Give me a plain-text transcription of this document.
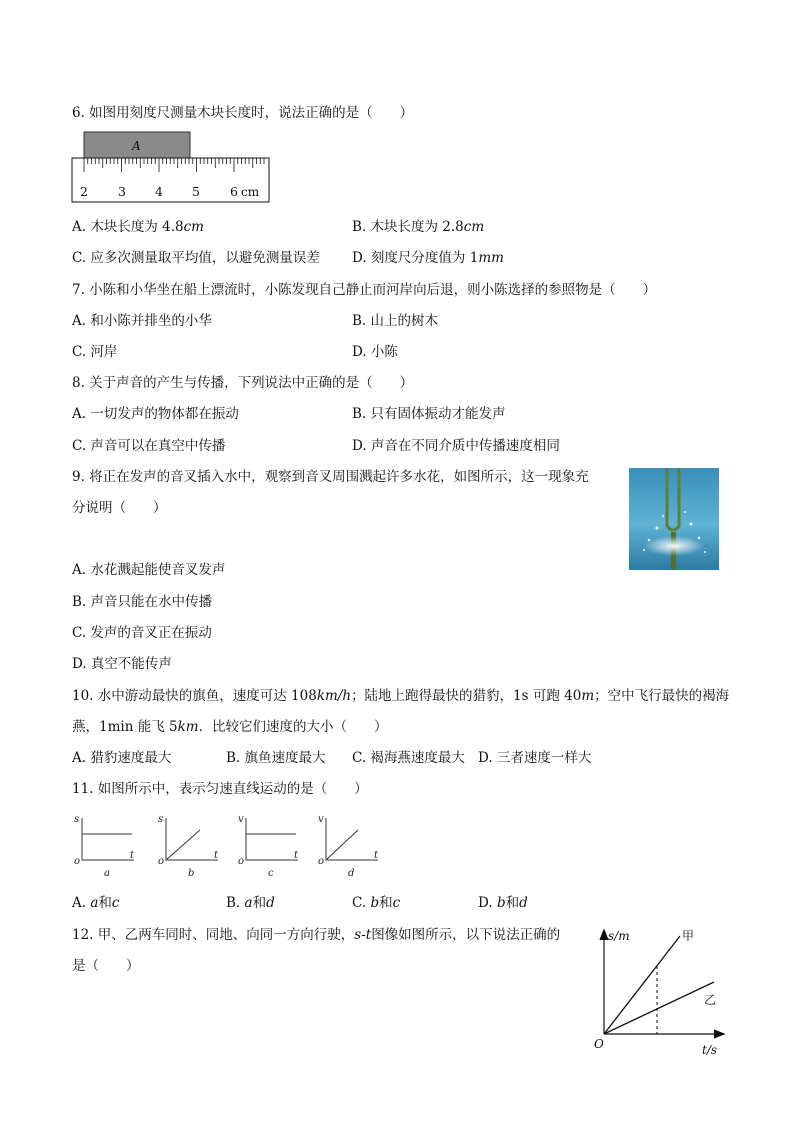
6. 如图用刻度尺测量木块长度时，说法正确的是（　　）
A
2 3 4 5 6 cm
A. 木块长度为 4.8cm	B. 木块长度为 2.8cm
C. 应多次测量取平均值，以避免测量误差 D. 刻度尺分度值为 1mm
7. 小陈和小华坐在船上漂流时，小陈发现自己静止而河岸向后退，则小陈选择的参照物是（　　）
A. 和小陈并排坐的小华	B. 山上的树木
C. 河岸	D. 小陈
8. 关于声音的产生与传播，下列说法中正确的是（　　）
A. 一切发声的物体都在振动	B. 只有固体振动才能发声
C. 声音可以在真空中传播	D. 声音在不同介质中传播速度相同
9. 将正在发声的音叉插入水中，观察到音叉周围溅起许多水花，如图所示，这一现象充
分说明（　　）
A. 水花溅起能使音叉发声
B. 声音只能在水中传播
C. 发声的音叉正在振动
D. 真空不能传声
10. 水中游动最快的旗鱼，速度可达 108km/h；陆地上跑得最快的猎豹，1s 可跑 40m；空中飞行最快的褐海
燕，1min 能飞 5km．比较它们速度的大小（　　）
A. 猎豹速度最大	B. 旗鱼速度最大 C. 褐海燕速度最大 D. 三者速度一样大
11. 如图所示中，表示匀速直线运动的是（　　）
s
o
t
a
s
o
t
b
v
o
t
c
v
o
t
d
A. a和c	B. a和d	C. b和c	D. b和d
12. 甲、乙两车同时、同地、向同一方向行驶，s-t图像如图所示，以下说法正确的
是（　　）
s/m
O	t/s
甲
乙
